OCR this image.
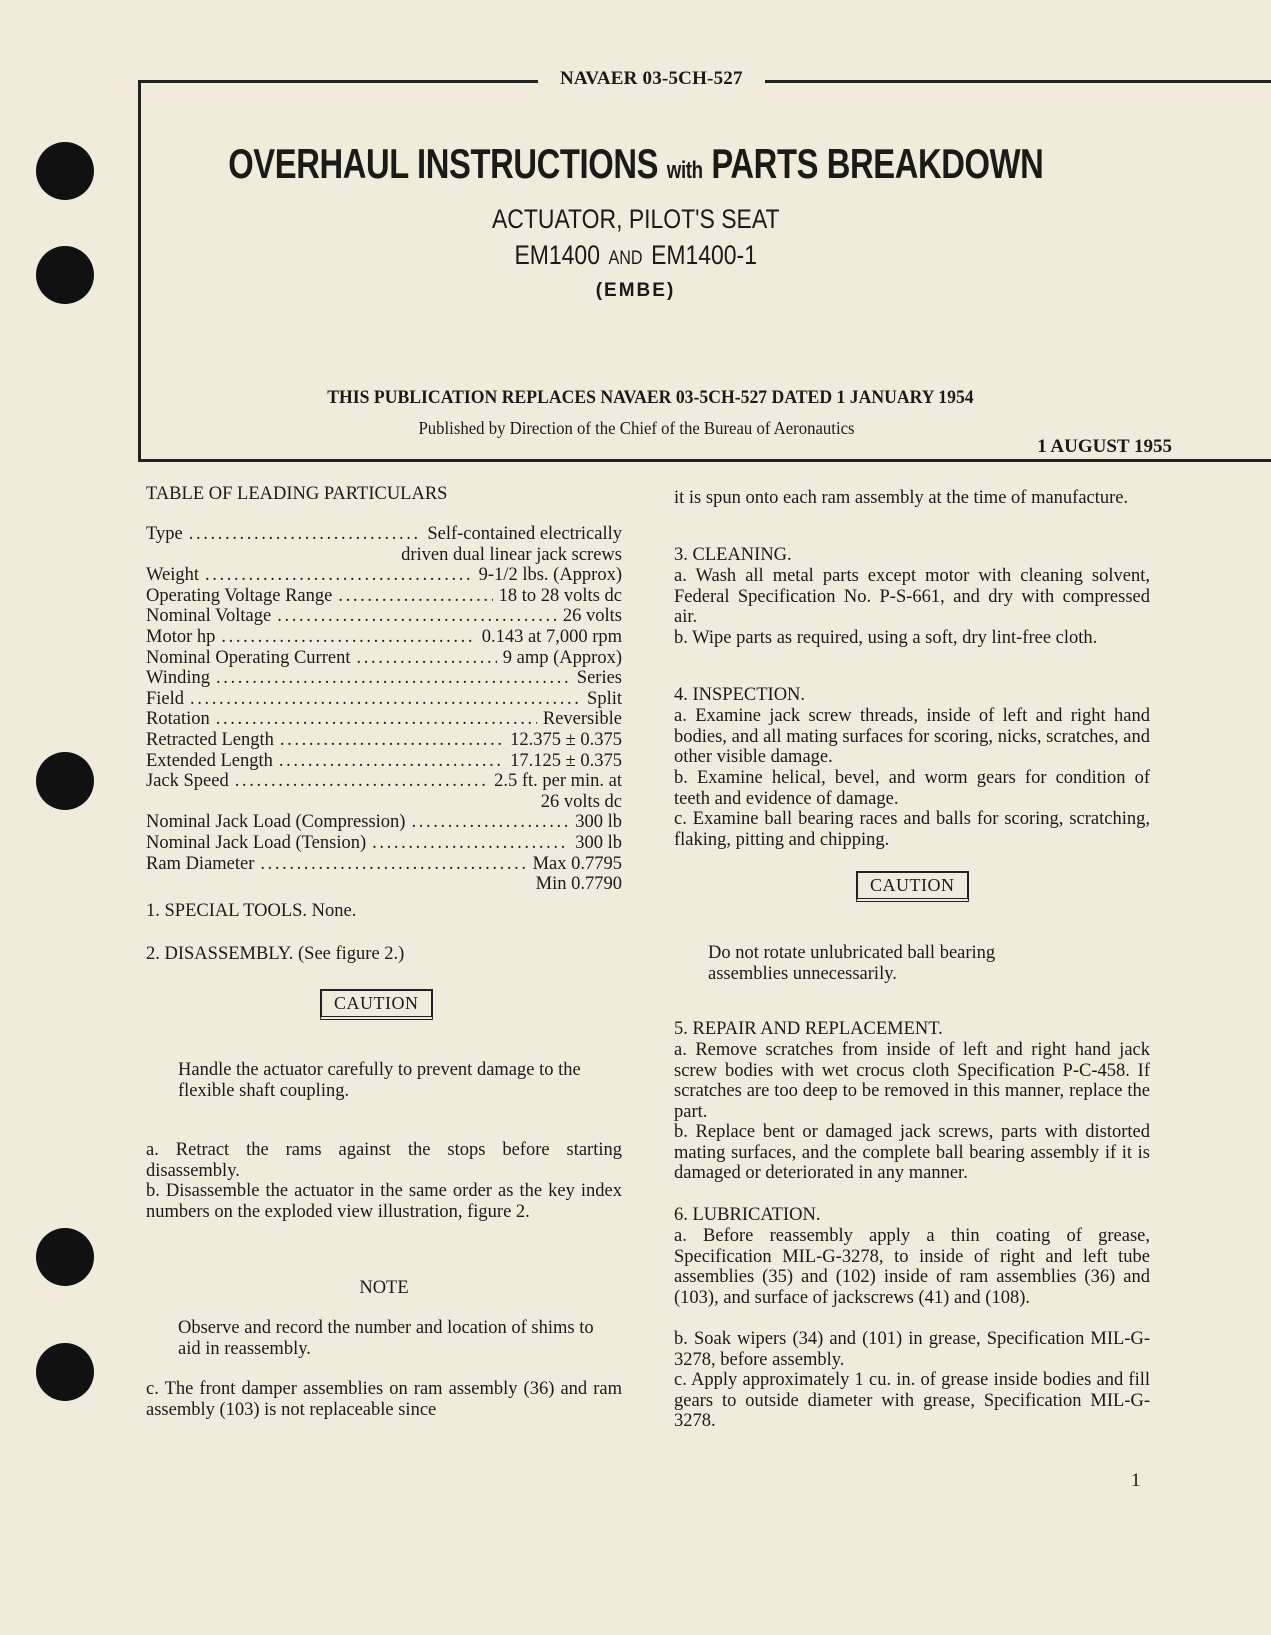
NAVAER 03-5CH-527
OVERHAUL INSTRUCTIONS with PARTS BREAKDOWN
ACTUATOR, PILOT'S SEAT
EM1400 AND EM1400-1
(EMBE)
THIS PUBLICATION REPLACES NAVAER 03-5CH-527 DATED 1 JANUARY 1954
Published by Direction of the Chief of the Bureau of Aeronautics
1 AUGUST 1955
TABLE OF LEADING PARTICULARS
Type . . .	Self-contained electrically
driven dual linear jack screws
Weight . . .	9-1/2 lbs. (Approx)
Operating Voltage Range . . .	18 to 28 volts dc
Nominal Voltage . . .	26 volts
Motor hp . . .	0.143 at 7,000 rpm
Nominal Operating Current . . .	9 amp (Approx)
Winding . . .	Series
Field . . .	Split
Rotation . . .	Reversible
Retracted Length . . .	12.375 ± 0.375
Extended Length . . .	17.125 ± 0.375
Jack Speed . . .	2.5 ft. per min. at
26 volts dc
Nominal Jack Load (Compression) . . .	300 lb
Nominal Jack Load (Tension) . . .	300 lb
Ram Diameter . . .	Max 0.7795
Min 0.7790
1. SPECIAL TOOLS. None.
2. DISASSEMBLY. (See figure 2.)
CAUTION
Handle the actuator carefully to prevent damage to the flexible shaft coupling.
a. Retract the rams against the stops before starting disassembly.
b. Disassemble the actuator in the same order as the key index numbers on the exploded view illustration, figure 2.
NOTE
Observe and record the number and location of shims to aid in reassembly.
c. The front damper assemblies on ram assembly (36) and ram assembly (103) is not replaceable since
it is spun onto each ram assembly at the time of manufacture.
3. CLEANING.
a. Wash all metal parts except motor with cleaning solvent, Federal Specification No. P-S-661, and dry with compressed air.
b. Wipe parts as required, using a soft, dry lint-free cloth.
4. INSPECTION.
a. Examine jack screw threads, inside of left and right hand bodies, and all mating surfaces for scoring, nicks, scratches, and other visible damage.
b. Examine helical, bevel, and worm gears for condition of teeth and evidence of damage.
c. Examine ball bearing races and balls for scoring, scratching, flaking, pitting and chipping.
CAUTION
Do not rotate unlubricated ball bearing assemblies unnecessarily.
5. REPAIR AND REPLACEMENT.
a. Remove scratches from inside of left and right hand jack screw bodies with wet crocus cloth Specification P-C-458. If scratches are too deep to be removed in this manner, replace the part.
b. Replace bent or damaged jack screws, parts with distorted mating surfaces, and the complete ball bearing assembly if it is damaged or deteriorated in any manner.
6. LUBRICATION.
a. Before reassembly apply a thin coating of grease, Specification MIL-G-3278, to inside of right and left tube assemblies (35) and (102) inside of ram assemblies (36) and (103), and surface of jackscrews (41) and (108).
b. Soak wipers (34) and (101) in grease, Specification MIL-G-3278, before assembly.
c. Apply approximately 1 cu. in. of grease inside bodies and fill gears to outside diameter with grease, Specification MIL-G-3278.
1
